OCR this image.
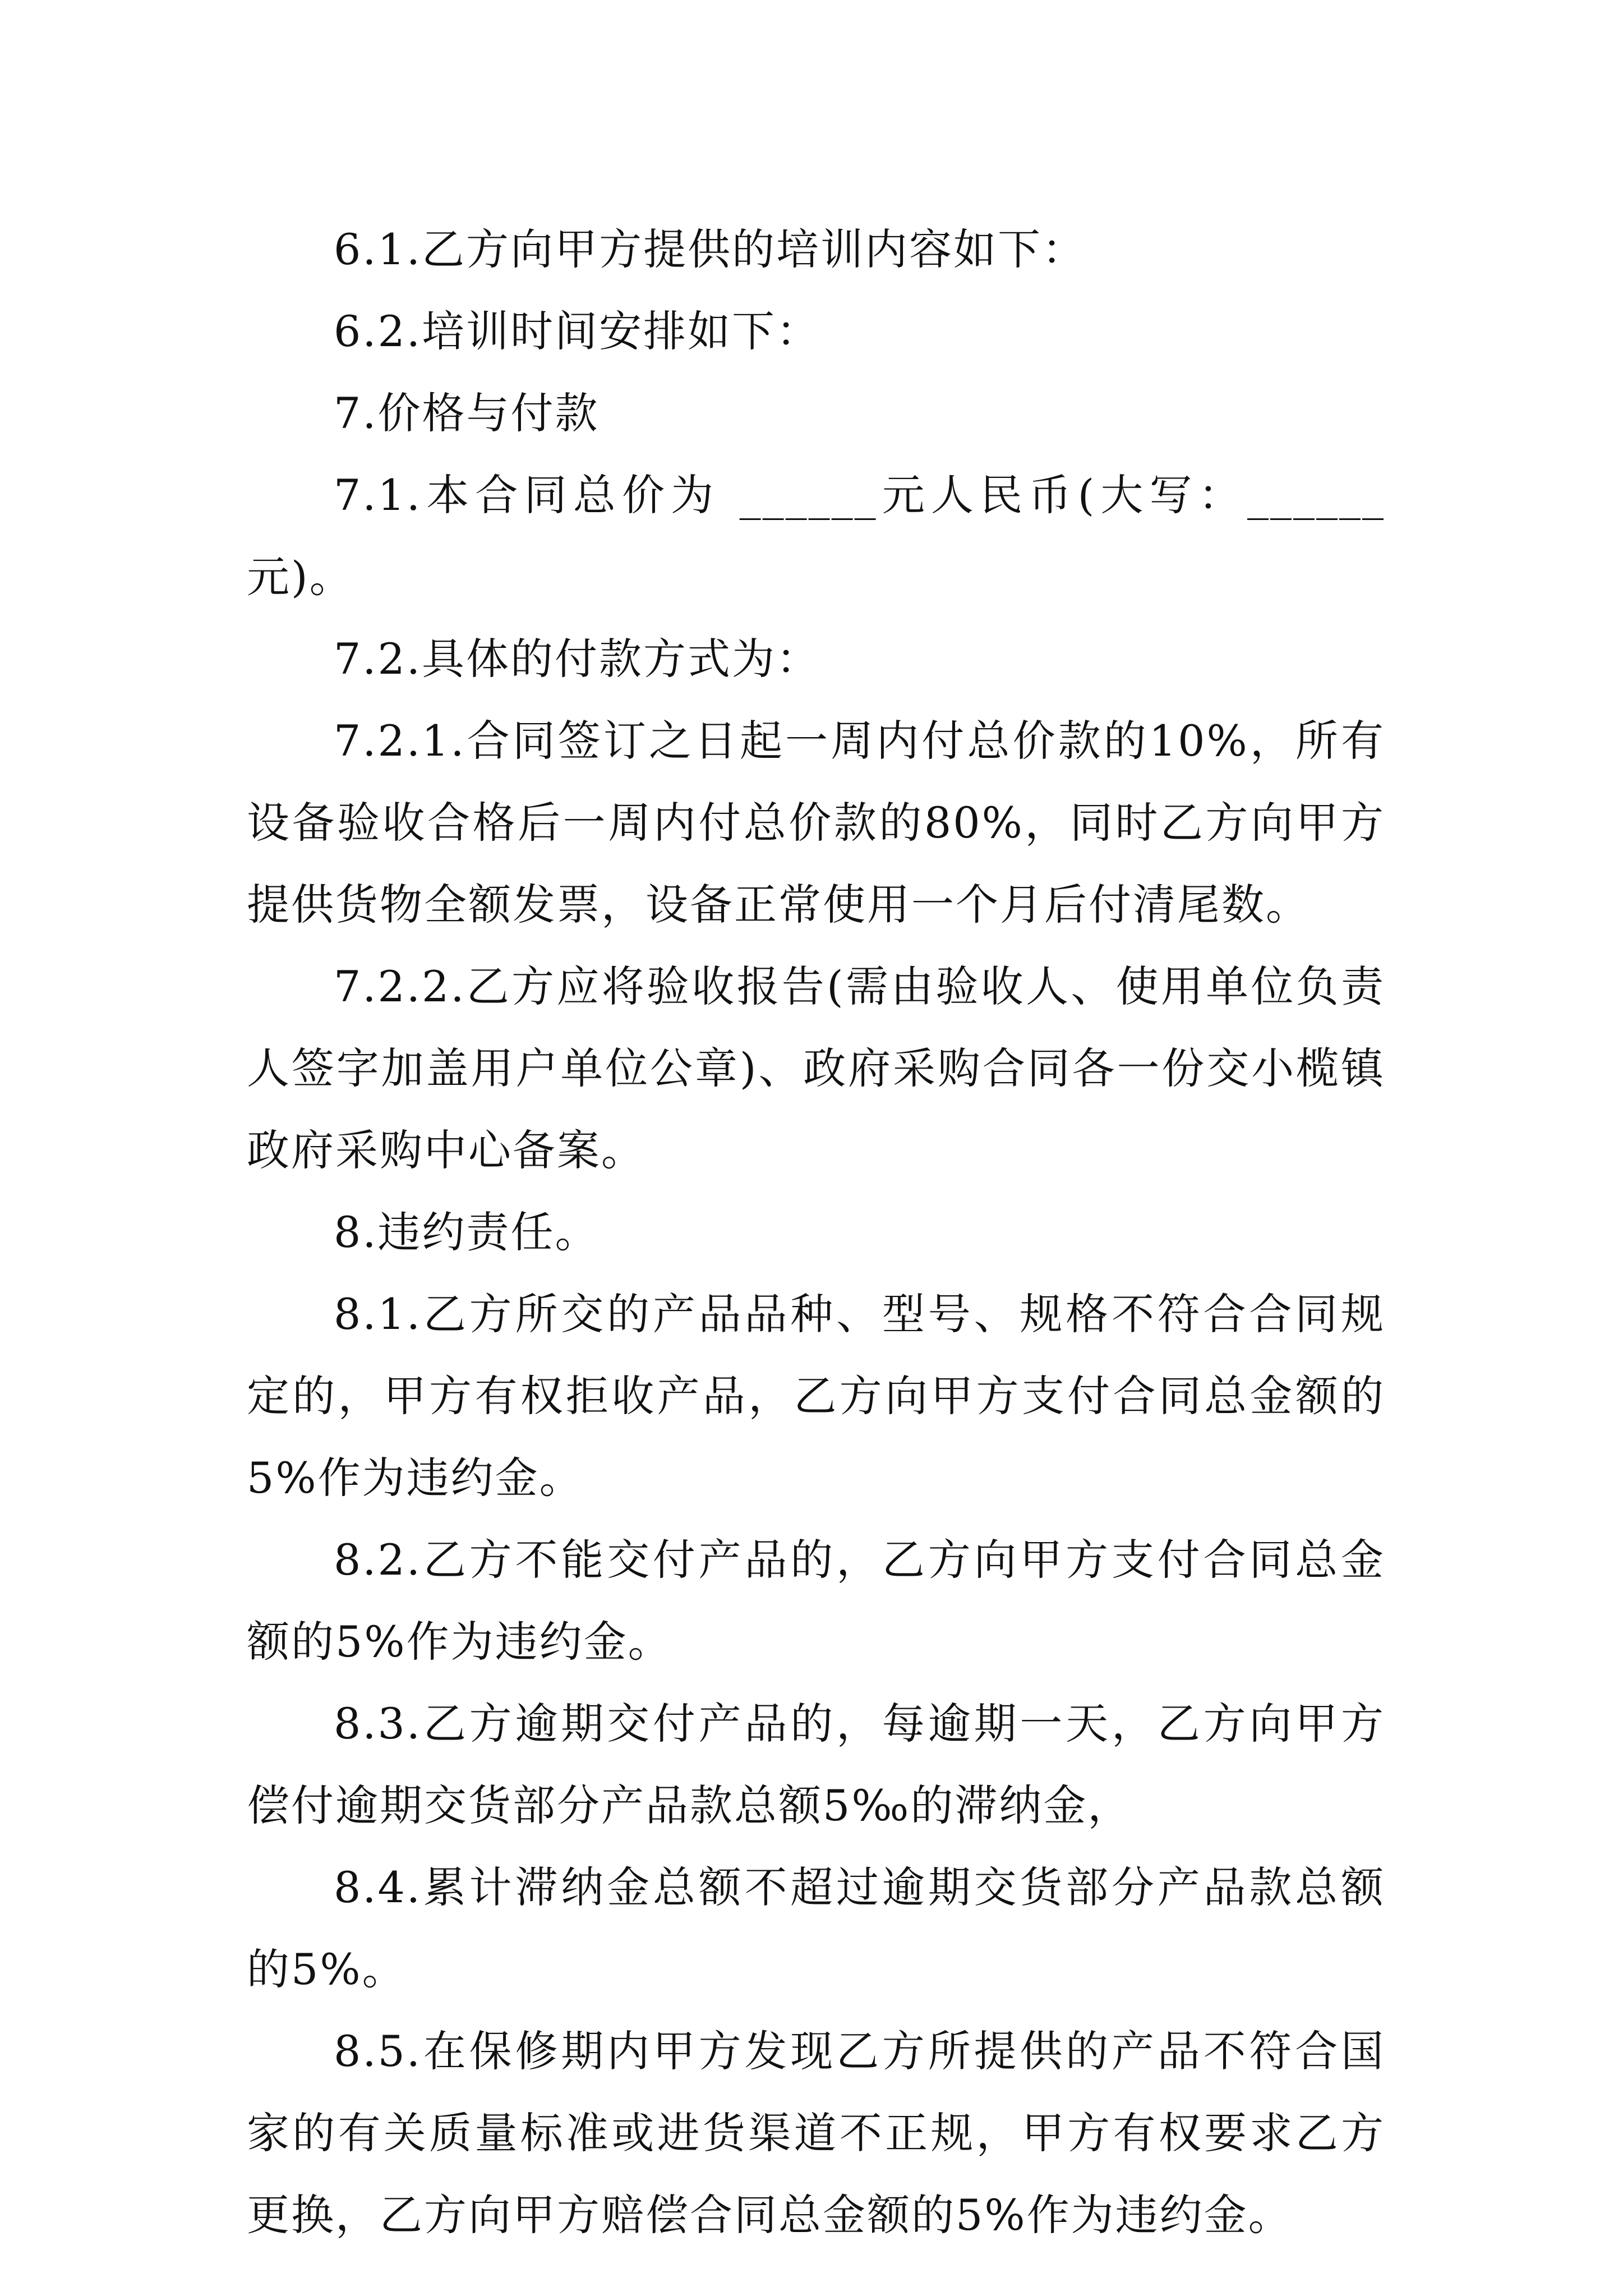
6.1.乙方向甲方提供的培训内容如下：

6.2.培训时间安排如下：

7.价格与付款

7.1.本合同总价为 ______元人民币(大写：______元)。

7.2.具体的付款方式为：

7.2.1.合同签订之日起一周内付总价款的10%，所有设备验收合格后一周内付总价款的80%，同时乙方向甲方提供货物全额发票，设备正常使用一个月后付清尾数。

7.2.2.乙方应将验收报告(需由验收人、使用单位负责人签字加盖用户单位公章)、政府采购合同各一份交小榄镇政府采购中心备案。

8.违约责任。

8.1.乙方所交的产品品种、型号、规格不符合合同规定的，甲方有权拒收产品，乙方向甲方支付合同总金额的5%作为违约金。

8.2.乙方不能交付产品的，乙方向甲方支付合同总金额的5%作为违约金。

8.3.乙方逾期交付产品的，每逾期一天，乙方向甲方偿付逾期交货部分产品款总额5‰的滞纳金，

8.4.累计滞纳金总额不超过逾期交货部分产品款总额的5%。

8.5.在保修期内甲方发现乙方所提供的产品不符合国家的有关质量标准或进货渠道不正规，甲方有权要求乙方更换，乙方向甲方赔偿合同总金额的5%作为违约金。
